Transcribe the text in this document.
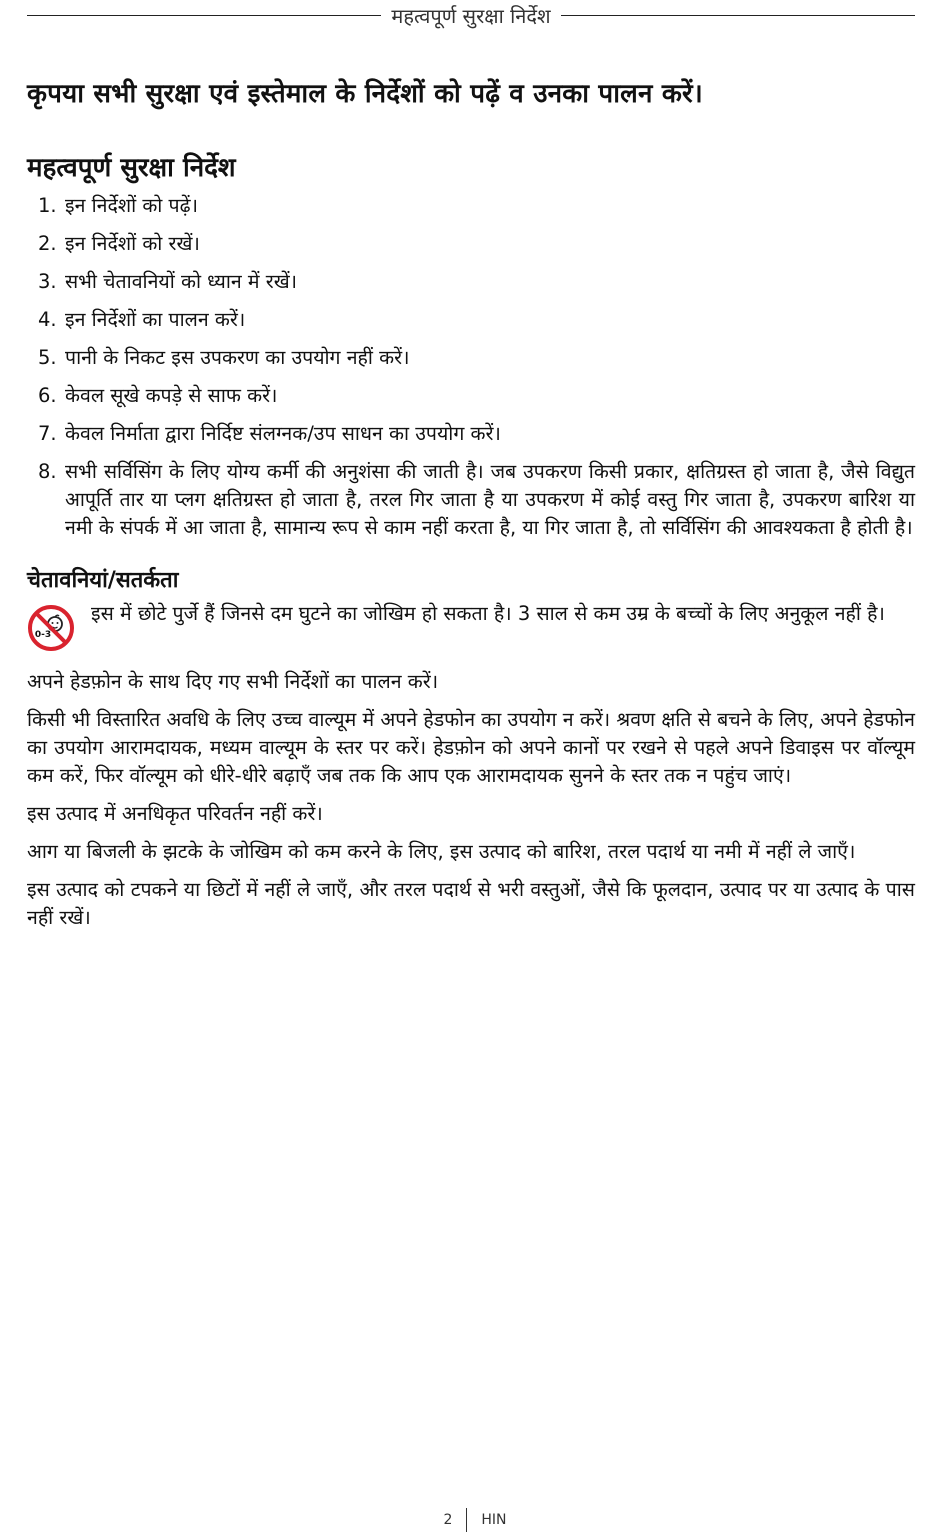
महत्वपूर्ण सुरक्षा निर्देश
कृपया सभी सुरक्षा एवं इस्तेमाल के निर्देशों को पढ़ें व उनका पालन करें।
महत्वपूर्ण सुरक्षा निर्देश
1. इन निर्देशों को पढ़ें।
2. इन निर्देशों को रखें।
3. सभी चेतावनियों को ध्यान में रखें।
4. इन निर्देशों का पालन करें।
5. पानी के निकट इस उपकरण का उपयोग नहीं करें।
6. केवल सूखे कपड़े से साफ करें।
7. केवल निर्माता द्वारा निर्दिष्ट संलग्नक/उप साधन का उपयोग करें।
8. सभी सर्विसिंग के लिए योग्य कर्मी की अनुशंसा की जाती है। जब उपकरण किसी प्रकार, क्षतिग्रस्त हो जाता है, जैसे विद्युत आपूर्ति तार या प्लग क्षतिग्रस्त हो जाता है, तरल गिर जाता है या उपकरण में कोई वस्तु गिर जाता है, उपकरण बारिश या नमी के संपर्क में आ जाता है, सामान्य रूप से काम नहीं करता है, या गिर जाता है, तो सर्विसिंग की आवश्यकता है होती है।
चेतावनियां/सतर्कता
0-3
इस में छोटे पुर्जे हैं जिनसे दम घुटने का जोखिम हो सकता है। 3 साल से कम उम्र के बच्चों के लिए अनुकूल नहीं है।
अपने हेडफ़ोन के साथ दिए गए सभी निर्देशों का पालन करें।
किसी भी विस्तारित अवधि के लिए उच्च वाल्यूम में अपने हेडफोन का उपयोग न करें। श्रवण क्षति से बचने के लिए, अपने हेडफोन का उपयोग आरामदायक, मध्यम वाल्यूम के स्तर पर करें। हेडफ़ोन को अपने कानों पर रखने से पहले अपने डिवाइस पर वॉल्यूम कम करें, फिर वॉल्यूम को धीरे-धीरे बढ़ाएँ जब तक कि आप एक आरामदायक सुनने के स्तर तक न पहुंच जाएं।
इस उत्पाद में अनधिकृत परिवर्तन नहीं करें।
आग या बिजली के झटके के जोखिम को कम करने के लिए, इस उत्पाद को बारिश, तरल पदार्थ या नमी में नहीं ले जाएँ।
इस उत्पाद को टपकने या छिटों में नहीं ले जाएँ, और तरल पदार्थ से भरी वस्तुओं, जैसे कि फूलदान, उत्पाद पर या उत्पाद के पास नहीं रखें।
2 HIN
